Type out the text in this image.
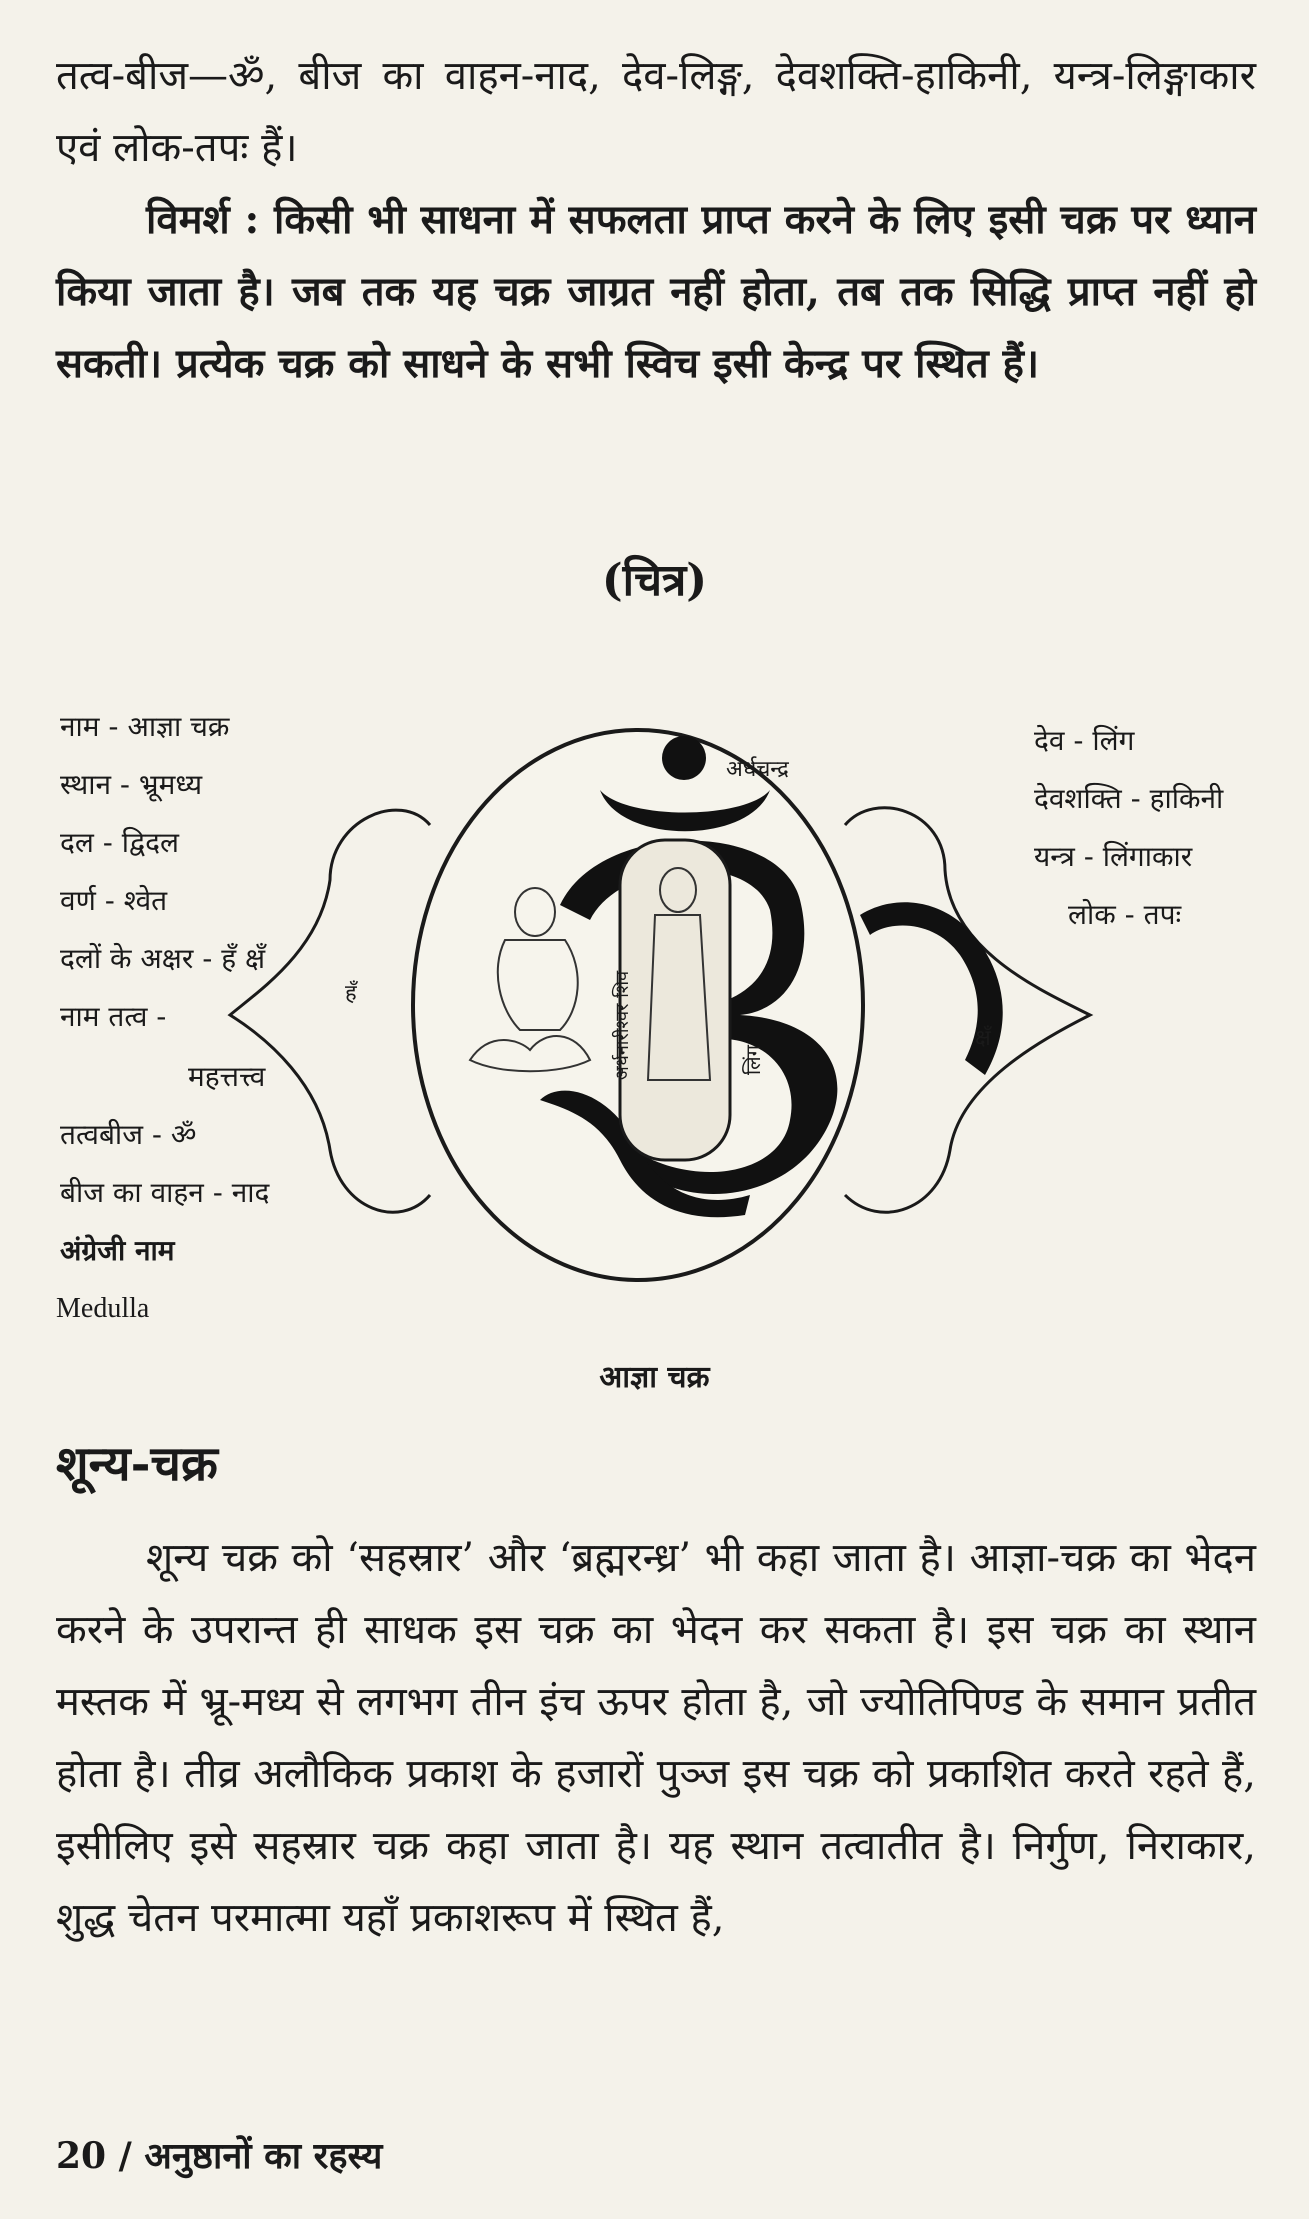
तत्व-बीज—ॐ, बीज का वाहन-नाद, देव-लिङ्ग, देवशक्ति-हाकिनी, यन्त्र-लिङ्गाकार एवं लोक-तपः हैं।

विमर्श : किसी भी साधना में सफलता प्राप्त करने के लिए इसी चक्र पर ध्यान किया जाता है। जब तक यह चक्र जाग्रत नहीं होता, तब तक सिद्धि प्राप्त नहीं हो सकती। प्रत्येक चक्र को साधने के सभी स्विच इसी केन्द्र पर स्थित हैं।

(चित्र)
अर्धचन्द्र
हँ
क्षँ
अर्धनारीश्वर शिव	लिंग
नाम - आज्ञा चक्र
स्थान - भ्रूमध्य
दल - द्विदल
वर्ण - श्वेत
दलों के अक्षर - हँ क्षँ
नाम तत्व -
महत्तत्त्व
तत्वबीज - ॐ
बीज का वाहन - नाद
अंग्रेजी नाम
Medulla
देव - लिंग
देवशक्ति - हाकिनी
यन्त्र - लिंगाकार
लोक - तपः
आज्ञा चक्र
शून्य-चक्र

शून्य चक्र को ‘सहस्रार’ और ‘ब्रह्मरन्ध्र’ भी कहा जाता है। आज्ञा-चक्र का भेदन करने के उपरान्त ही साधक इस चक्र का भेदन कर सकता है। इस चक्र का स्थान मस्तक में भ्रू-मध्य से लगभग तीन इंच ऊपर होता है, जो ज्योतिपिण्ड के समान प्रतीत होता है। तीव्र अलौकिक प्रकाश के हजारों पुञ्ज इस चक्र को प्रकाशित करते रहते हैं, इसीलिए इसे सहस्रार चक्र कहा जाता है। यह स्थान तत्वातीत है। निर्गुण, निराकार, शुद्ध चेतन परमात्मा यहाँ प्रकाशरूप में स्थित हैं,

20 / अनुष्ठानों का रहस्य
